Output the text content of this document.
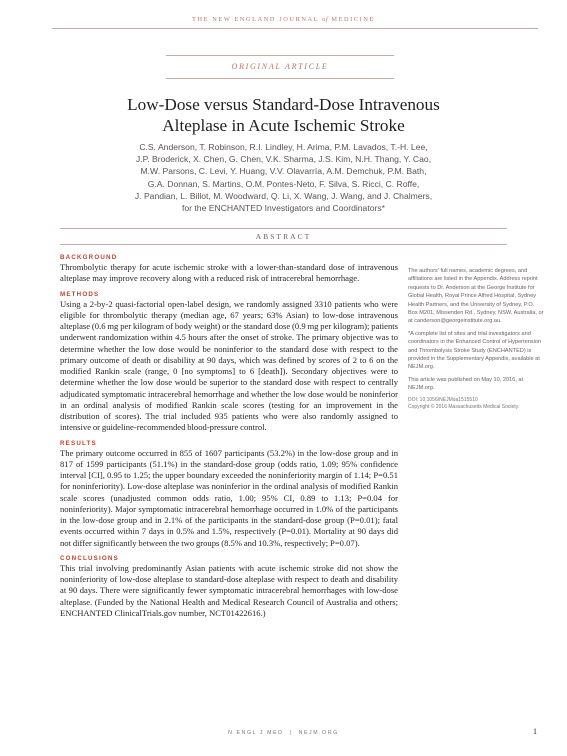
THE NEW ENGLAND JOURNAL of MEDICINE
ORIGINAL ARTICLE
Low-Dose versus Standard-Dose Intravenous
Alteplase in Acute Ischemic Stroke
C.S. Anderson, T. Robinson, R.I. Lindley, H. Arima, P.M. Lavados, T.-H. Lee,
J.P. Broderick, X. Chen, G. Chen, V.K. Sharma, J.S. Kim, N.H. Thang, Y. Cao,
M.W. Parsons, C. Levi, Y. Huang, V.V. Olavarría, A.M. Demchuk, P.M. Bath,
G.A. Donnan, S. Martins, O.M. Pontes-Neto, F. Silva, S. Ricci, C. Roffe,
J. Pandian, L. Billot, M. Woodward, Q. Li, X. Wang, J. Wang, and J. Chalmers,
for the ENCHANTED Investigators and Coordinators*
ABSTRACT
BACKGROUND
Thrombolytic therapy for acute ischemic stroke with a lower-than-standard dose of intravenous alteplase may improve recovery along with a reduced risk of intracerebral hemorrhage.
METHODS
Using a 2-by-2 quasi-factorial open-label design, we randomly assigned 3310 patients who were eligible for thrombolytic therapy (median age, 67 years; 63% Asian) to low-dose intravenous alteplase (0.6 mg per kilogram of body weight) or the standard dose (0.9 mg per kilogram); patients underwent randomization within 4.5 hours after the onset of stroke. The primary objective was to determine whether the low dose would be noninferior to the standard dose with respect to the primary outcome of death or disability at 90 days, which was defined by scores of 2 to 6 on the modified Rankin scale (range, 0 [no symptoms] to 6 [death]). Secondary objectives were to determine whether the low dose would be superior to the standard dose with respect to centrally adjudicated symptomatic intracerebral hemorrhage and whether the low dose would be noninferior in an ordinal analysis of modified Rankin scale scores (testing for an improvement in the distribution of scores). The trial included 935 patients who were also randomly assigned to intensive or guideline-recommended blood-pressure control.
RESULTS
The primary outcome occurred in 855 of 1607 participants (53.2%) in the low-dose group and in 817 of 1599 participants (51.1%) in the standard-dose group (odds ratio, 1.09; 95% confidence interval [CI], 0.95 to 1.25; the upper boundary exceeded the noninferiority margin of 1.14; P=0.51 for noninferiority). Low-dose alteplase was noninferior in the ordinal analysis of modified Rankin scale scores (unadjusted common odds ratio, 1.00; 95% CI, 0.89 to 1.13; P=0.04 for noninferiority). Major symptomatic intracerebral hemorrhage occurred in 1.0% of the participants in the low-dose group and in 2.1% of the participants in the standard-dose group (P=0.01); fatal events occurred within 7 days in 0.5% and 1.5%, respectively (P=0.01). Mortality at 90 days did not differ significantly between the two groups (8.5% and 10.3%, respectively; P=0.07).
CONCLUSIONS
This trial involving predominantly Asian patients with acute ischemic stroke did not show the noninferiority of low-dose alteplase to standard-dose alteplase with respect to death and disability at 90 days. There were significantly fewer symptomatic intracerebral hemorrhages with low-dose alteplase. (Funded by the National Health and Medical Research Council of Australia and others; ENCHANTED ClinicalTrials.gov number, NCT01422616.)
The authors' full names, academic degrees, and affiliations are listed in the Appendix. Address reprint requests to Dr. Anderson at the George Institute for Global Health, Royal Prince Alfred Hospital, Sydney Health Partners, and the University of Sydney, P.O. Box M201, Missenden Rd., Sydney, NSW, Australia, or at canderson@georgeinstitute.org.au.
*A complete list of sites and trial investigators and coordinators in the Enhanced Control of Hypertension and Thrombolysis Stroke Study (ENCHANTED) is provided in the Supplementary Appendix, available at NEJM.org.
This article was published on May 10, 2016, at NEJM.org.
DOI: 10.1056/NEJMoa1515510
Copyright © 2016 Massachusetts Medical Society.
N ENGL J MED  |  NEJM.ORG	1
